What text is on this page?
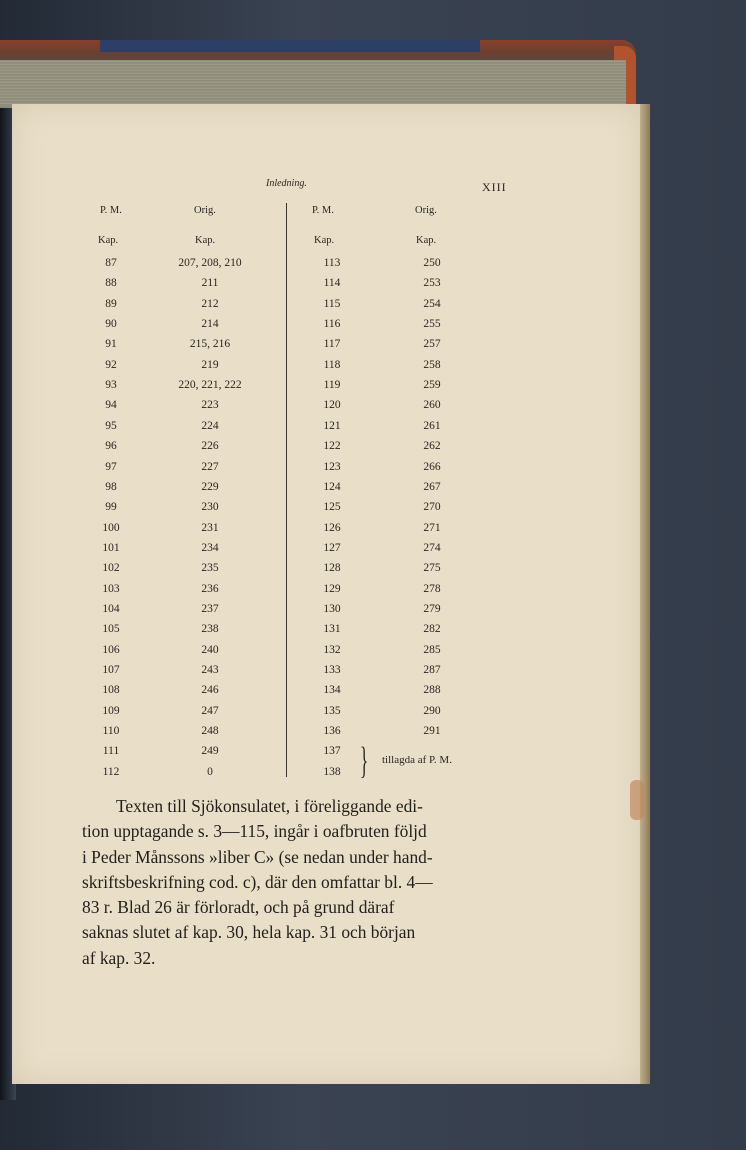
Inledning.	XIII
P. M.	Orig.	P. M.	Orig.
Kap.	Kap.	Kap.	Kap.
87	207, 208, 210	113	250
88	211	114	253
89	212	115	254
90	214	116	255
91	215, 216	117	257
92	219	118	258
93	220, 221, 222	119	259
94	223	120	260
95	224	121	261
96	226	122	262
97	227	123	266
98	229	124	267
99	230	125	270
100	231	126	271
101	234	127	274
102	235	128	275
103	236	129	278
104	237	130	279
105	238	131	282
106	240	132	285
107	243	133	287
108	246	134	288
109	247	135	290
110	248	136	291
111	249	137
112	0	138 } tillagda af P. M.
Texten till Sjökonsulatet, i föreliggande edi-
tion upptagande s. 3—115, ingår i oafbruten följd
i Peder Månssons »liber C» (se nedan under hand-
skriftsbeskrifning cod. c), där den omfattar bl. 4—
83 r. Blad 26 är förloradt, och på grund däraf
saknas slutet af kap. 30, hela kap. 31 och början
af kap. 32.
